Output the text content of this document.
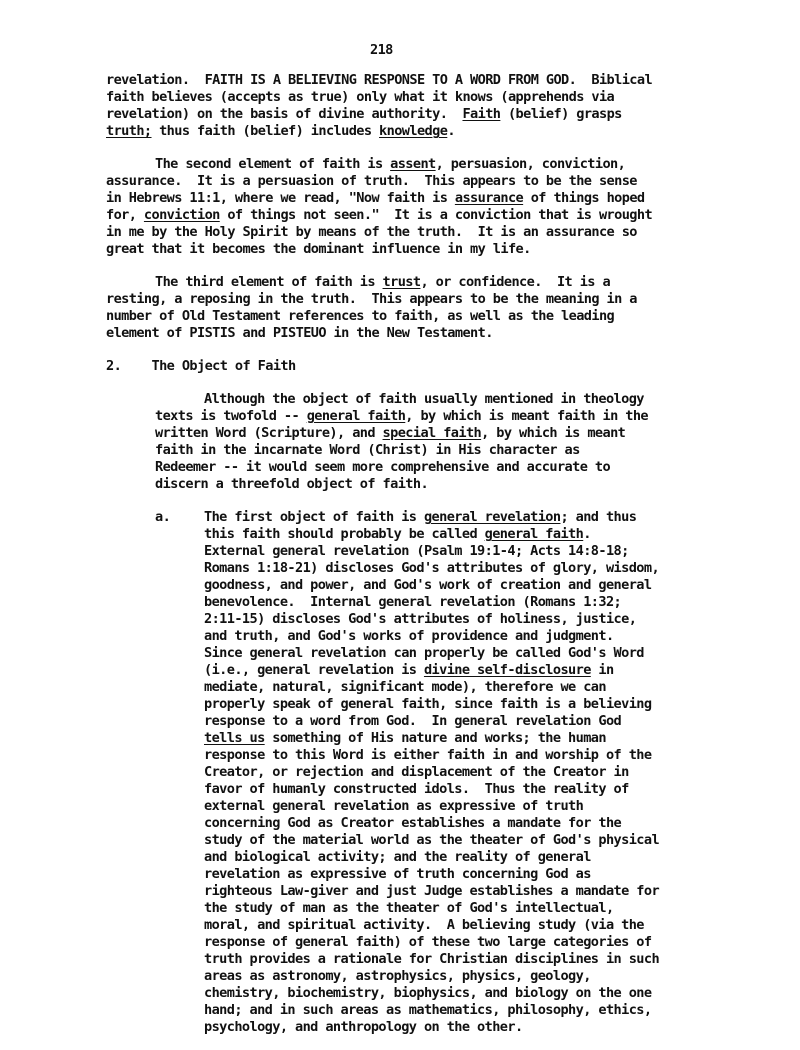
218
revelation.  FAITH IS A BELIEVING RESPONSE TO A WORD FROM GOD.  Biblical
faith believes (accepts as true) only what it knows (apprehends via
revelation) on the basis of divine authority.  Faith (belief) grasps
truth; thus faith (belief) includes knowledge.
The second element of faith is assent, persuasion, conviction,
assurance.  It is a persuasion of truth.  This appears to be the sense
in Hebrews 11:1, where we read, "Now faith is assurance of things hoped
for, conviction of things not seen."  It is a conviction that is wrought
in me by the Holy Spirit by means of the truth.  It is an assurance so
great that it becomes the dominant influence in my life.
The third element of faith is trust, or confidence.  It is a
resting, a reposing in the truth.  This appears to be the meaning in a
number of Old Testament references to faith, as well as the leading
element of PISTIS and PISTEUO in the New Testament.
2.    The Object of Faith
Although the object of faith usually mentioned in theology
texts is twofold -- general faith, by which is meant faith in the
written Word (Scripture), and special faith, by which is meant
faith in the incarnate Word (Christ) in His character as
Redeemer -- it would seem more comprehensive and accurate to
discern a threefold object of faith.
a. The first object of faith is general revelation; and thus
this faith should probably be called general faith.
External general revelation (Psalm 19:1-4; Acts 14:8-18;
Romans 1:18-21) discloses God's attributes of glory, wisdom,
goodness, and power, and God's work of creation and general
benevolence.  Internal general revelation (Romans 1:32;
2:11-15) discloses God's attributes of holiness, justice,
and truth, and God's works of providence and judgment.
Since general revelation can properly be called God's Word
(i.e., general revelation is divine self-disclosure in
mediate, natural, significant mode), therefore we can
properly speak of general faith, since faith is a believing
response to a word from God.  In general revelation God
tells us something of His nature and works; the human
response to this Word is either faith in and worship of the
Creator, or rejection and displacement of the Creator in
favor of humanly constructed idols.  Thus the reality of
external general revelation as expressive of truth
concerning God as Creator establishes a mandate for the
study of the material world as the theater of God's physical
and biological activity; and the reality of general
revelation as expressive of truth concerning God as
righteous Law-giver and just Judge establishes a mandate for
the study of man as the theater of God's intellectual,
moral, and spiritual activity.  A believing study (via the
response of general faith) of these two large categories of
truth provides a rationale for Christian disciplines in such
areas as astronomy, astrophysics, physics, geology,
chemistry, biochemistry, biophysics, and biology on the one
hand; and in such areas as mathematics, philosophy, ethics,
psychology, and anthropology on the other.
